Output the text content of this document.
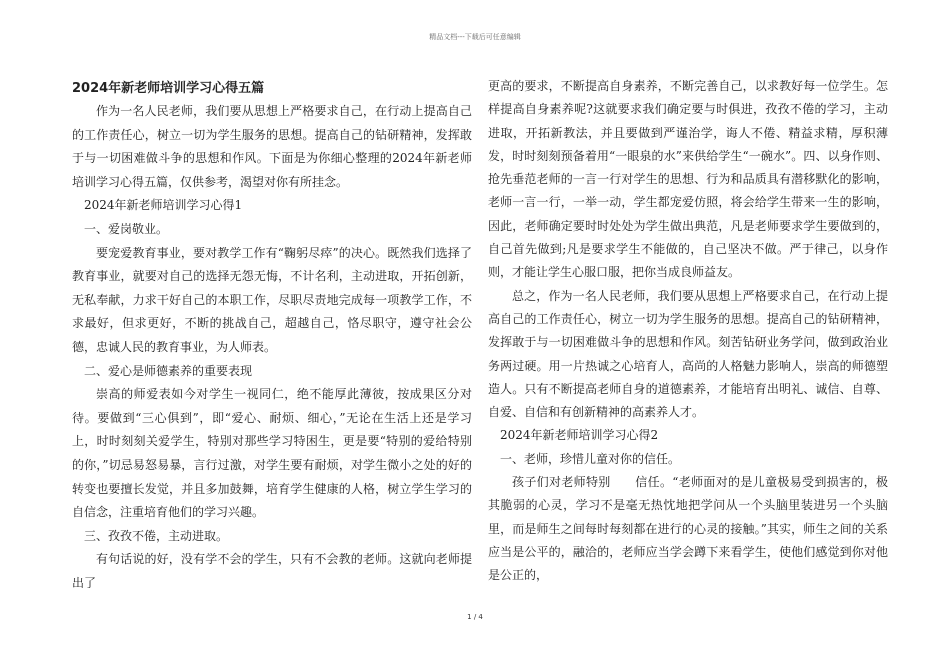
精品文档---下载后可任意编辑
2024年新老师培训学习心得五篇

作为一名人民老师，我们要从思想上严格要求自己，在行动上提高自己的工作责任心，树立一切为学生服务的思想。提高自己的钻研精神，发挥敢于与一切困难做斗争的思想和作风。下面是为你细心整理的2024年新老师培训学习心得五篇，仅供参考，渴望对你有所挂念。

2024年新老师培训学习心得1

一、爱岗敬业。

要宠爱教育事业，要对教学工作有“鞠躬尽瘁”的决心。既然我们选择了教育事业，就要对自己的选择无怨无悔，不计名利，主动进取，开拓创新，无私奉献，力求干好自己的本职工作，尽职尽责地完成每一项教学工作，不求最好，但求更好，不断的挑战自己，超越自己，恪尽职守，遵守社会公德，忠诚人民的教育事业，为人师表。

二、爱心是师德素养的重要表现

崇高的师爱表如今对学生一视同仁，绝不能厚此薄彼，按成果区分对待。要做到“三心俱到”，即“爱心、耐烦、细心，”无论在生活上还是学习上，时时刻刻关爱学生，特别对那些学习特困生，更是要“特别的爱给特别的你，”切忌易怒易暴，言行过激，对学生要有耐烦，对学生微小之处的好的转变也要擅长发觉，并且多加鼓舞，培育学生健康的人格，树立学生学习的自信念，注重培育他们的学习兴趣。

三、孜孜不倦，主动进取。

有句话说的好，没有学不会的学生，只有不会教的老师。这就向老师提出了

更高的要求，不断提高自身素养，不断完善自己，以求教好每一位学生。怎样提高自身素养呢?这就要求我们确定要与时俱进，孜孜不倦的学习，主动进取，开拓新教法，并且要做到严谨治学，诲人不倦、精益求精，厚积薄发，时时刻刻预备着用“一眼泉的水”来供给学生“一碗水”。四、以身作则、抢先垂范老师的一言一行对学生的思想、行为和品质具有潜移默化的影响，老师一言一行，一举一动，学生都宠爱仿照，将会给学生带来一生的影响，因此，老师确定要时时处处为学生做出典范，凡是老师要求学生要做到的，自己首先做到;凡是要求学生不能做的，自己坚决不做。严于律己，以身作则，才能让学生心服口服，把你当成良师益友。

总之，作为一名人民老师，我们要从思想上严格要求自己，在行动上提高自己的工作责任心，树立一切为学生服务的思想。提高自己的钻研精神，发挥敢于与一切困难做斗争的思想和作风。刻苦钻研业务学问，做到政治业务两过硬。用一片热诚之心培育人，高尚的人格魅力影响人，崇高的师德塑造人。只有不断提高老师自身的道德素养，才能培育出明礼、诚信、自尊、自爱、自信和有创新精神的高素养人才。

2024年新老师培训学习心得2

一、老师，珍惜儿童对你的信任。

孩子们对老师特别　　信任。“老师面对的是儿童极易受到损害的，极其脆弱的心灵，学习不是毫无热忱地把学问从一个头脑里装进另一个头脑里，而是师生之间每时每刻都在进行的心灵的接触。”其实，师生之间的关系应当是公平的，融洽的，老师应当学会蹲下来看学生，使他们感觉到你对他是公正的，

1 / 4
